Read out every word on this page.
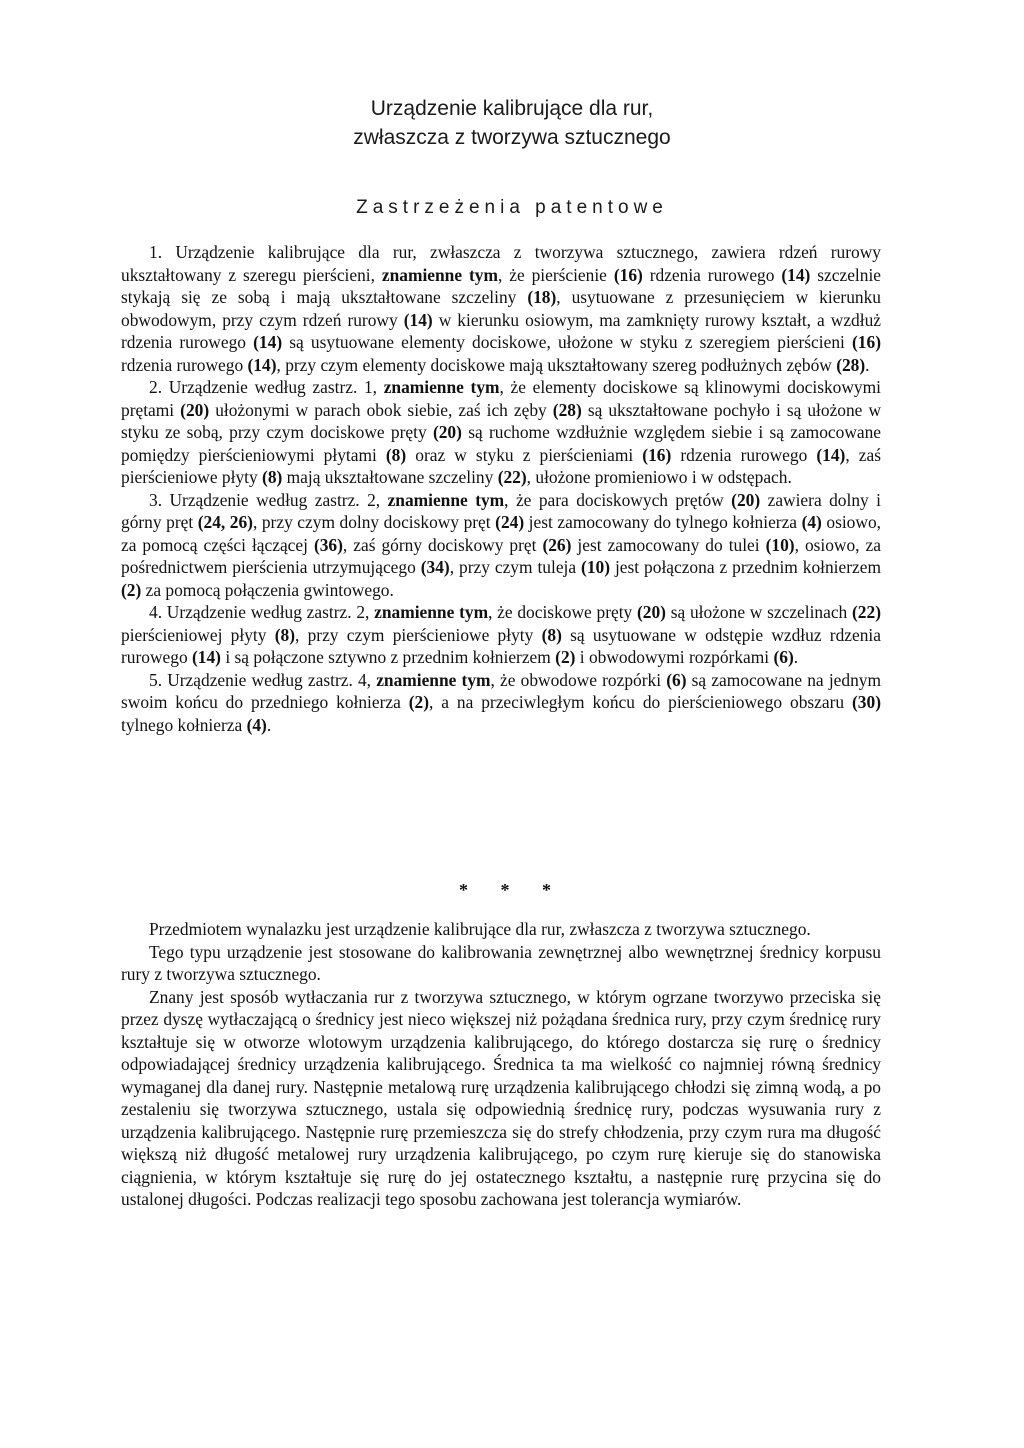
Urządzenie kalibrujące dla rur,
zwłaszcza z tworzywa sztucznego
Zastrzeżenia patentowe

1. Urządzenie kalibrujące dla rur, zwłaszcza z tworzywa sztucznego, zawiera rdzeń rurowy ukształtowany z szeregu pierścieni, znamienne tym, że pierścienie (16) rdzenia rurowego (14) szczelnie stykają się ze sobą i mają ukształtowane szczeliny (18), usytuowane z przesunięciem w kierunku obwodowym, przy czym rdzeń rurowy (14) w kierunku osiowym, ma zamknięty rurowy kształt, a wzdłuż rdzenia rurowego (14) są usytuowane elementy dociskowe, ułożone w styku z szeregiem pierścieni (16) rdzenia rurowego (14), przy czym elementy dociskowe mają ukształtowany szereg podłużnych zębów (28).

2. Urządzenie według zastrz. 1, znamienne tym, że elementy dociskowe są klinowymi dociskowymi prętami (20) ułożonymi w parach obok siebie, zaś ich zęby (28) są ukształtowane pochyło i są ułożone w styku ze sobą, przy czym dociskowe pręty (20) są ruchome wzdłużnie względem siebie i są zamocowane pomiędzy pierścieniowymi płytami (8) oraz w styku z pierścieniami (16) rdzenia rurowego (14), zaś pierścieniowe płyty (8) mają ukształtowane szczeliny (22), ułożone promieniowo i w odstępach.

3. Urządzenie według zastrz. 2, znamienne tym, że para dociskowych prętów (20) zawiera dolny i górny pręt (24, 26), przy czym dolny dociskowy pręt (24) jest zamocowany do tylnego kołnierza (4) osiowo, za pomocą części łączącej (36), zaś górny dociskowy pręt (26) jest zamocowany do tulei (10), osiowo, za pośrednictwem pierścienia utrzymującego (34), przy czym tuleja (10) jest połączona z przednim kołnierzem (2) za pomocą połączenia gwintowego.

4. Urządzenie według zastrz. 2, znamienne tym, że dociskowe pręty (20) są ułożone w szczelinach (22) pierścieniowej płyty (8), przy czym pierścieniowe płyty (8) są usytuowane w odstępie wzdłuz rdzenia rurowego (14) i są połączone sztywno z przednim kołnierzem (2) i obwodowymi rozpórkami (6).

5. Urządzenie według zastrz. 4, znamienne tym, że obwodowe rozpórki (6) są zamocowane na jednym swoim końcu do przedniego kołnierza (2), a na przeciwległym końcu do pierścieniowego obszaru (30) tylnego kołnierza (4).

* * *

Przedmiotem wynalazku jest urządzenie kalibrujące dla rur, zwłaszcza z tworzywa sztucznego.

Tego typu urządzenie jest stosowane do kalibrowania zewnętrznej albo wewnętrznej średnicy korpusu rury z tworzywa sztucznego.

Znany jest sposób wytłaczania rur z tworzywa sztucznego, w którym ogrzane tworzywo przeciska się przez dyszę wytłaczającą o średnicy jest nieco większej niż pożądana średnica rury, przy czym średnicę rury kształtuje się w otworze wlotowym urządzenia kalibrującego, do którego dostarcza się rurę o średnicy odpowiadającej średnicy urządzenia kalibrującego. Średnica ta ma wielkość co najmniej równą średnicy wymaganej dla danej rury. Następnie metalową rurę urządzenia kalibrującego chłodzi się zimną wodą, a po zestaleniu się tworzywa sztucznego, ustala się odpowiednią średnicę rury, podczas wysuwania rury z urządzenia kalibrującego. Następnie rurę przemieszcza się do strefy chłodzenia, przy czym rura ma długość większą niż długość metalowej rury urządzenia kalibrującego, po czym rurę kieruje się do stanowiska ciągnienia, w którym kształtuje się rurę do jej ostatecznego kształtu, a następnie rurę przycina się do ustalonej długości. Podczas realizacji tego sposobu zachowana jest tolerancja wymiarów.
